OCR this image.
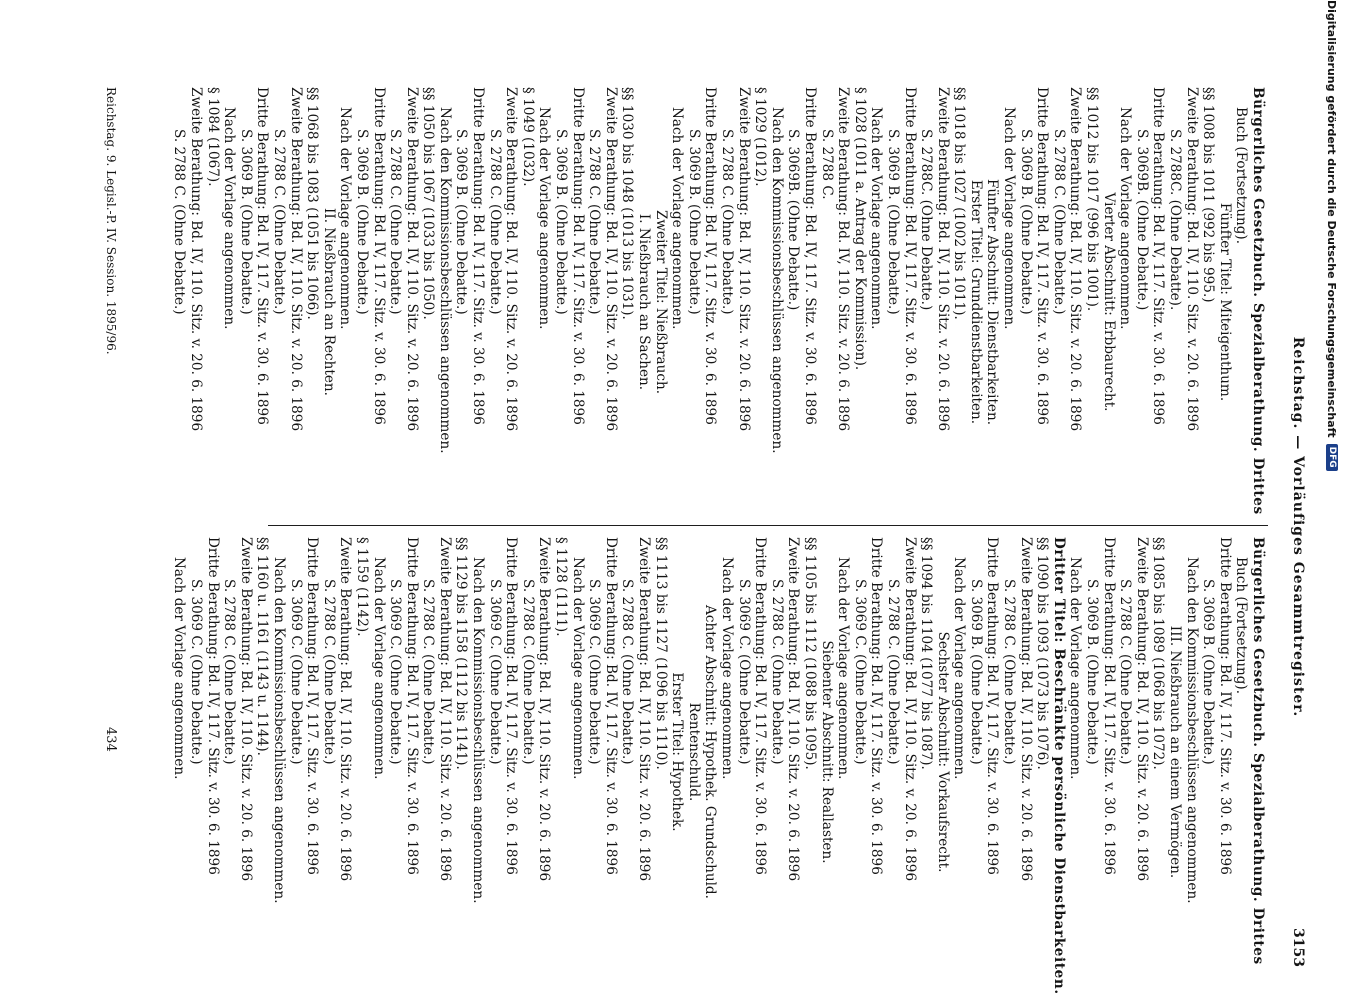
Reichstag. — Vorläufiges Gesammtregister.
3153
Bürgerliches Gesetzbuch. Spezialberathung. Drittes
Buch (Fortsetzung).
Fünfter Titel: Miteigenthum.
§§ 1008 bis 1011 (992 bis 995.)
Zweite Berathung: Bd. IV, 110. Sitz. v. 20. 6. 1896
S. 2788C. (Ohne Debatte).
Dritte Berathung: Bd. IV, 117. Sitz. v. 30. 6. 1896
S. 3069B. (Ohne Debatte.)
Nach der Vorlage angenommen.
Vierter Abschnitt: Erbbaurecht.
§§ 1012 bis 1017 (996 bis 1001).
Zweite Berathung: Bd. IV, 110. Sitz. v. 20. 6. 1896
S. 2788 C. (Ohne Debatte.)
Dritte Berathung: Bd. IV, 117. Sitz. v. 30. 6. 1896
S. 3069 B. (Ohne Debatte.)
Nach der Vorlage angenommen.
Fünfter Abschnitt: Dienstbarkeiten.
Erster Titel: Grunddienstbarkeiten.
§§ 1018 bis 1027 (1002 bis 1011).
Zweite Berathung: Bd. IV, 110. Sitz. v. 20. 6. 1896
S. 2788C. (Ohne Debatte.)
Dritte Berathung: Bd. IV, 117. Sitz. v. 30. 6. 1896
S. 3069 B. (Ohne Debatte.)
Nach der Vorlage angenommen.
§ 1028 (1011 a. Antrag der Kommission).
Zweite Berathung: Bd. IV, 110. Sitz. v. 20. 6. 1896
S. 2788 C.
Dritte Berathung: Bd. IV, 117. Sitz. v. 30. 6. 1896
S. 3069B. (Ohne Debatte.)
Nach den Kommissionsbeschlüssen angenommen.
§ 1029 (1012).
Zweite Berathung: Bd. IV, 110. Sitz. v. 20. 6. 1896
S. 2788 C. (Ohne Debatte.)
Dritte Berathung: Bd. IV, 117. Sitz. v. 30. 6. 1896
S. 3069 B. (Ohne Debatte.)
Nach der Vorlage angenommen.
Zweiter Titel: Nießbrauch.
I. Nießbrauch an Sachen.
§§ 1030 bis 1048 (1013 bis 1031).
Zweite Berathung: Bd. IV, 110. Sitz. v. 20. 6. 1896
S. 2788 C. (Ohne Debatte.)
Dritte Berathung: Bd. IV, 117. Sitz. v. 30. 6. 1896
S. 3069 B. (Ohne Debatte.)
Nach der Vorlage angenommen.
§ 1049 (1032).
Zweite Berathung: Bd. IV, 110. Sitz. v. 20. 6. 1896
S. 2788 C. (Ohne Debatte.)
Dritte Berathung: Bd. IV, 117. Sitz. v. 30. 6. 1896
S. 3069 B. (Ohne Debatte.)
Nach den Kommissionsbeschlüssen angenommen.
§§ 1050 bis 1067 (1033 bis 1050).
Zweite Berathung: Bd. IV, 110. Sitz. v. 20. 6. 1896
S. 2788 C. (Ohne Debatte.)
Dritte Berathung: Bd. IV, 117. Sitz. v. 30. 6. 1896
S. 3069 B. (Ohne Debatte.)
Nach der Vorlage angenommen.
II. Nießbrauch an Rechten.
§§ 1068 bis 1083 (1051 bis 1066).
Zweite Berathung: Bd. IV, 110. Sitz. v. 20. 6. 1896
S. 2788 C. (Ohne Debatte.)
Dritte Berathung: Bd. IV, 117. Sitz. v. 30. 6. 1896
S. 3069 B. (Ohne Debatte.)
Nach der Vorlage angenommen.
§ 1084 (1067).
Zweite Berathung: Bd. IV, 110. Sitz. v. 20. 6. 1896
S. 2788 C. (Ohne Debatte.)
Bürgerliches Gesetzbuch. Spezialberathung. Drittes
Buch (Fortsetzung).
Dritte Berathung: Bd. IV, 117. Sitz. v. 30. 6. 1896
S. 3069 B. (Ohne Debatte.)
Nach den Kommissionsbeschlüssen angenommen.
III. Nießbrauch an einem Vermögen.
§§ 1085 bis 1089 (1068 bis 1072).
Zweite Berathung: Bd. IV, 110. Sitz. v. 20. 6. 1896
S. 2788 C. (Ohne Debatte.)
Dritte Berathung: Bd. IV, 117. Sitz. v. 30. 6. 1896
S. 3069 B. (Ohne Debatte.)
Nach der Vorlage angenommen.
Dritter Titel: Beschränkte persönliche Dienstbarkeiten.
§§ 1090 bis 1093 (1073 bis 1076).
Zweite Berathung: Bd. IV, 110. Sitz. v. 20. 6. 1896
S. 2788 C. (Ohne Debatte.)
Dritte Berathung: Bd. IV, 117. Sitz. v. 30. 6. 1896
S. 3069 B. (Ohne Debatte.)
Nach der Vorlage angenommen.
Sechster Abschnitt: Vorkaufsrecht.
§§ 1094 bis 1104 (1077 bis 1087).
Zweite Berathung: Bd. IV, 110. Sitz. v. 20. 6. 1896
S. 2788 C. (Ohne Debatte.)
Dritte Berathung: Bd. IV, 117. Sitz. v. 30. 6. 1896
S. 3069 C. (Ohne Debatte.)
Nach der Vorlage angenommen.
Siebenter Abschnitt: Reallasten.
§§ 1105 bis 1112 (1088 bis 1095).
Zweite Berathung: Bd. IV, 110. Sitz. v. 20. 6. 1896
S. 2788 C. (Ohne Debatte.)
Dritte Berathung: Bd. IV, 117. Sitz. v. 30. 6. 1896
S. 3069 C. (Ohne Debatte.)
Nach der Vorlage angenommen.
Achter Abschnitt: Hypothek. Grundschuld.
Rentenschuld.
Erster Titel: Hypothek.
§§ 1113 bis 1127 (1096 bis 1110).
Zweite Berathung: Bd. IV, 110. Sitz. v. 20. 6. 1896
S. 2788 C. (Ohne Debatte.)
Dritte Berathung: Bd. IV, 117. Sitz. v. 30. 6. 1896
S. 3069 C. (Ohne Debatte.)
Nach der Vorlage angenommen.
§ 1128 (1111).
Zweite Berathung: Bd. IV, 110. Sitz. v. 20. 6. 1896
S. 2788 C. (Ohne Debatte.)
Dritte Berathung: Bd. IV, 117. Sitz. v. 30. 6. 1896
S. 3069 C. (Ohne Debatte.)
Nach den Kommissionsbeschlüssen angenommen.
§§ 1129 bis 1158 (1112 bis 1141).
Zweite Berathung: Bd. IV, 110. Sitz. v. 20. 6. 1896
S. 2788 C. (Ohne Debatte.)
Dritte Berathung: Bd. IV, 117. Sitz. v. 30. 6. 1896
S. 3069 C. (Ohne Debatte.)
Nach der Vorlage angenommen.
§ 1159 (1142).
Zweite Berathung: Bd. IV, 110. Sitz. v. 20. 6. 1896
S. 2788 C. (Ohne Debatte.)
Dritte Berathung: Bd. IV, 117. Sitz. v. 30. 6. 1896
S. 3069 C. (Ohne Debatte.)
Nach den Kommissionsbeschlüssen angenommen.
§§ 1160 u. 1161 (1143 u. 1144).
Zweite Berathung: Bd. IV, 110. Sitz. v. 20. 6. 1896
S. 2788 C. (Ohne Debatte.)
Dritte Berathung: Bd. IV, 117. Sitz. v. 30. 6. 1896
S. 3069 C. (Ohne Debatte.)
Nach der Vorlage angenommen.
Reichstag. 9. Legisl.-P. IV. Session. 1895/96.
434
Digitalisierung gefördert durch die Deutsche Forschungsgemeinschaft
DFG
